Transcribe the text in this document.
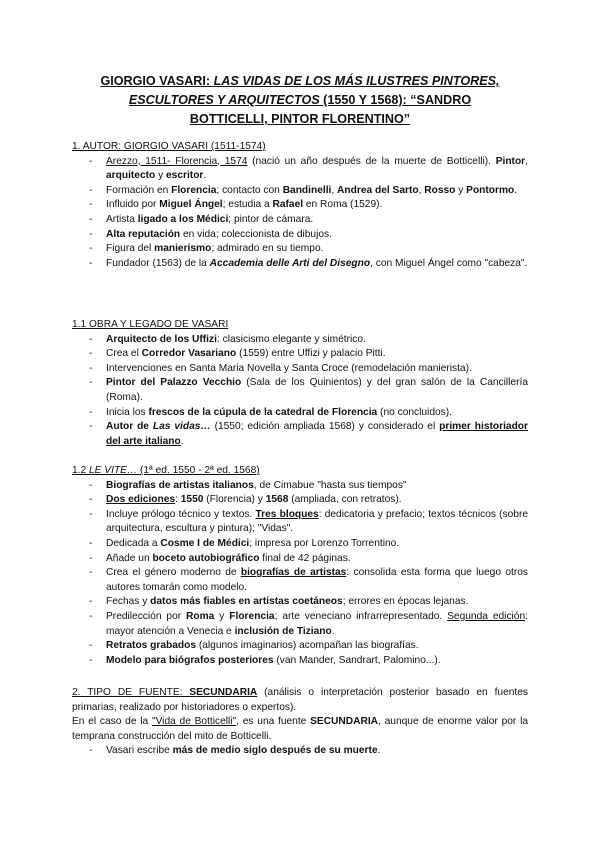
GIORGIO VASARI: LAS VIDAS DE LOS MÁS ILUSTRES PINTORES,
ESCULTORES Y ARQUITECTOS (1550 Y 1568): “SANDRO
BOTTICELLI, PINTOR FLORENTINO”

1. AUTOR: GIORGIO VASARI (1511-1574)

- Arezzo, 1511- Florencia, 1574 (nació un año después de la muerte de Botticelli). Pintor, arquitecto y escritor.
- Formación en Florencia; contacto con Bandinelli, Andrea del Sarto, Rosso y Pontormo.
- Influido por Miguel Ángel; estudia a Rafael en Roma (1529).
- Artista ligado a los Médici; pintor de cámara.
- Alta reputación en vida; coleccionista de dibujos.
- Figura del manierismo; admirado en su tiempo.
- Fundador (1563) de la Accademia delle Arti del Disegno, con Miguel Ángel como "cabeza".

1.1 OBRA Y LEGADO DE VASARI

- Arquitecto de los Uffizi: clasicismo elegante y simétrico.
- Crea el Corredor Vasariano (1559) entre Uffizi y palacio Pitti.
- Intervenciones en Santa Maria Novella y Santa Croce (remodelación manierista).
- Pintor del Palazzo Vecchio (Sala de los Quinientos) y del gran salón de la Cancillería (Roma).
- Inicia los frescos de la cúpula de la catedral de Florencia (no concluidos).
- Autor de Las vidas… (1550; edición ampliada 1568) y considerado el primer historiador del arte italiano.

1.2 LE VITE… (1ª ed. 1550 - 2ª ed. 1568)

- Biografías de artistas italianos, de Cimabue "hasta sus tiempos"
- Dos ediciones: 1550 (Florencia) y 1568 (ampliada, con retratos).
- Incluye prólogo técnico y textos. Tres bloques: dedicatoria y prefacio; textos técnicos (sobre arquitectura, escultura y pintura); "Vidas".
- Dedicada a Cosme I de Médici; impresa por Lorenzo Torrentino.
- Añade un boceto autobiográfico final de 42 páginas.
- Crea el género moderno de biografías de artistas: consolida esta forma que luego otros autores tomarán como modelo.
- Fechas y datos más fiables en artistas coetáneos; errores en épocas lejanas.
- Predilección por Roma y Florencia; arte veneciano infrarrepresentado. Segunda edición: mayor atención a Venecia e inclusión de Tiziano.
- Retratos grabados (algunos imaginarios) acompañan las biografías.
- Modelo para biógrafos posteriores (van Mander, Sandrart, Palomino...).

2. TIPO DE FUENTE: SECUNDARIA (análisis o interpretación posterior basado en fuentes primarias, realizado por historiadores o expertos).

En el caso de la "Vida de Botticelli", es una fuente SECUNDARIA, aunque de enorme valor por la temprana construcción del mito de Botticelli.

- Vasari escribe más de medio siglo después de su muerte.
